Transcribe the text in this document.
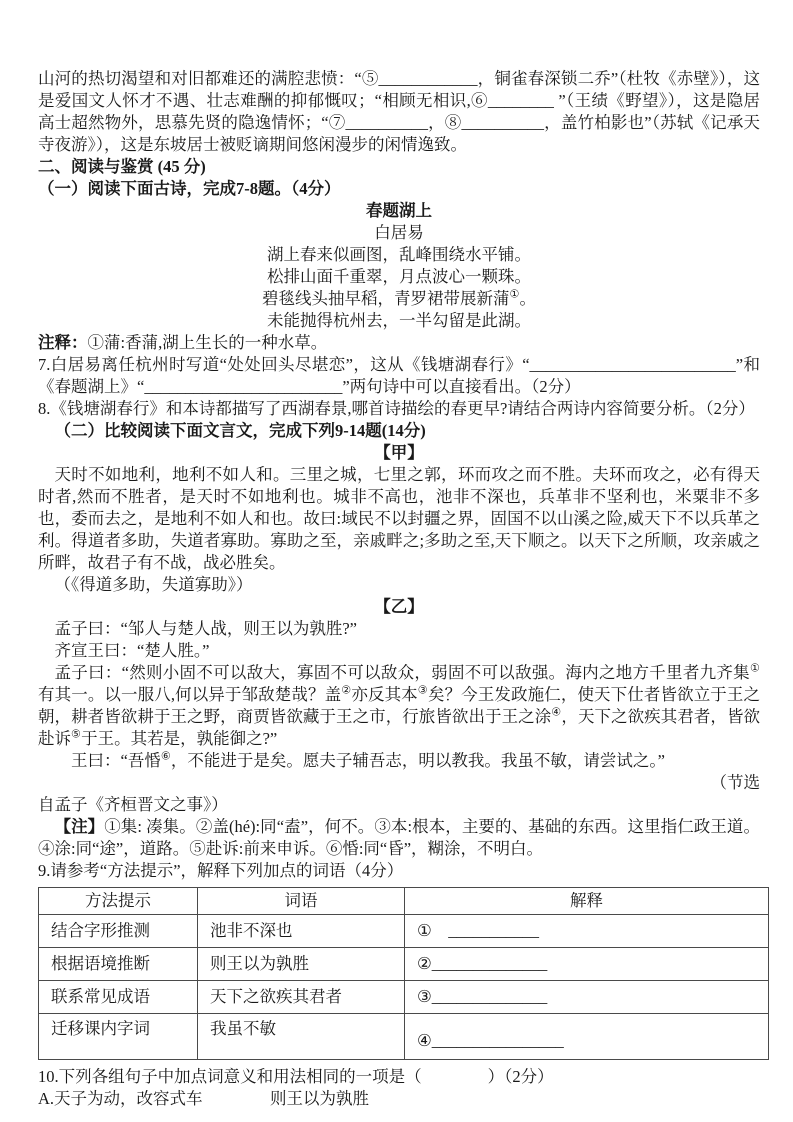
山河的热切渴望和对旧都难还的满腔悲愤：“⑤____________，铜雀春深锁二乔”（杜牧《赤壁》），这是爱国文人怀才不遇、壮志难酬的抑郁慨叹；“相顾无相识,⑥________ ”（王绩《野望》），这是隐居高士超然物外，思慕先贤的隐逸情怀；“⑦__________，⑧__________，盖竹柏影也”（苏轼《记承天寺夜游》），这是东坡居士被贬谪期间悠闲漫步的闲情逸致。

二、阅读与鉴赏 (45 分)

（一）阅读下面古诗，完成7-8题。（4分）

春题湖上
白居易
湖上春来似画图，乱峰围绕水平铺。
松排山面千重翠，月点波心一颗珠。
碧毯线头抽早稻，青罗裙带展新蒲①。
未能抛得杭州去，一半勾留是此湖。

注释：①蒲:香蒲,湖上生长的一种水草。

7.白居易离任杭州时写道“处处回头尽堪恋”，这从《钱塘湖春行》“_________________________”和《春题湖上》“________________________”两句诗中可以直接看出。（2分）

8.《钱塘湖春行》和本诗都描写了西湖春景,哪首诗描绘的春更早?请结合两诗内容简要分析。（2分）

（二）比较阅读下面文言文，完成下列9-14题(14分)

【甲】

天时不如地利，地利不如人和。三里之城，七里之郭，环而攻之而不胜。夫环而攻之，必有得天时者,然而不胜者，是天时不如地利也。城非不高也，池非不深也，兵革非不坚利也，米粟非不多也，委而去之，是地利不如人和也。故曰:域民不以封疆之界，固国不以山溪之险,威天下不以兵革之利。得道者多助，失道者寡助。寡助之至，亲戚畔之;多助之至,天下顺之。以天下之所顺，攻亲戚之所畔，故君子有不战，战必胜矣。

（《得道多助，失道寡助》）

【乙】

孟子曰：“邹人与楚人战，则王以为孰胜?”

齐宣王曰：“楚人胜。”

孟子曰：“然则小固不可以敌大，寡固不可以敌众，弱固不可以敌强。海内之地方千里者九齐集①有其一。以一服八,何以异于邹敌楚哉？盖②亦反其本③矣？今王发政施仁，使天下仕者皆欲立于王之朝，耕者皆欲耕于王之野，商贾皆欲藏于王之市，行旅皆欲出于王之涂④，天下之欲疾其君者，皆欲赴诉⑤于王。其若是，孰能御之?”

王曰：“吾惛⑥，不能进于是矣。愿夫子辅吾志，明以教我。我虽不敏，请尝试之。”

（节选

自孟子《齐桓晋文之事》）

【注】①集: 凑集。②盖(hé):同“盍”，何不。③本:根本，主要的、基础的东西。这里指仁政王道。④涂:同“途”，道路。⑤赴诉:前来申诉。⑥惛:同“昏”，糊涂，不明白。

9.请参考“方法提示”，解释下列加点的词语（4分）

方法提示	词语	解释
结合字形推测	池非不深也	①　___________
根据语境推断	则王以为孰胜	②______________
联系常见成语	天下之欲疾其君者	③______________
迁移课内字词	我虽不敏	④________________

10.下列各组句子中加点词意义和用法相同的一项是（　　　　）（2分）

A.天子为动，改容式车	则王以为孰胜
